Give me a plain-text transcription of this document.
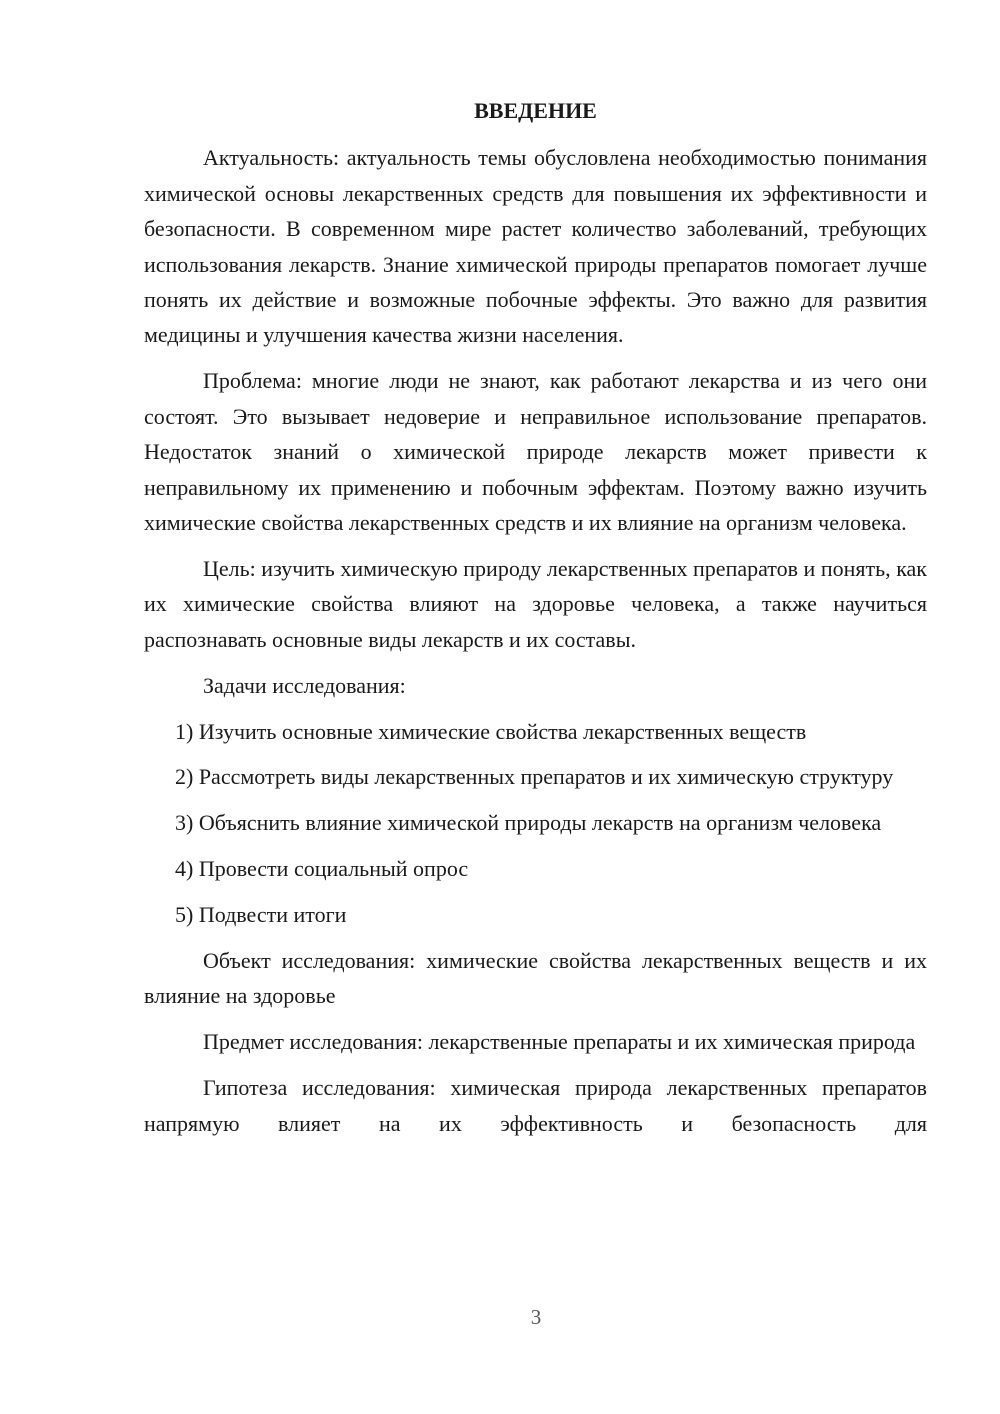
ВВЕДЕНИЕ

Актуальность: актуальность темы обусловлена необходимостью понимания химической основы лекарственных средств для повышения их эффективности и безопасности. В современном мире растет количество заболеваний, требующих использования лекарств. Знание химической природы препаратов помогает лучше понять их действие и возможные побочные эффекты. Это важно для развития медицины и улучшения качества жизни населения.

Проблема: многие люди не знают, как работают лекарства и из чего они состоят. Это вызывает недоверие и неправильное использование препаратов. Недостаток знаний о химической природе лекарств может привести к неправильному их применению и побочным эффектам. Поэтому важно изучить химические свойства лекарственных средств и их влияние на организм человека.

Цель: изучить химическую природу лекарственных препаратов и понять, как их химические свойства влияют на здоровье человека, а также научиться распознавать основные виды лекарств и их составы.

Задачи исследования:

1) Изучить основные химические свойства лекарственных веществ

2) Рассмотреть виды лекарственных препаратов и их химическую структуру

3) Объяснить влияние химической природы лекарств на организм человека

4) Провести социальный опрос

5) Подвести итоги

Объект исследования: химические свойства лекарственных веществ и их влияние на здоровье

Предмет исследования: лекарственные препараты и их химическая природа

Гипотеза исследования: химическая природа лекарственных препаратов напрямую влияет на их эффективность и безопасность для

3
